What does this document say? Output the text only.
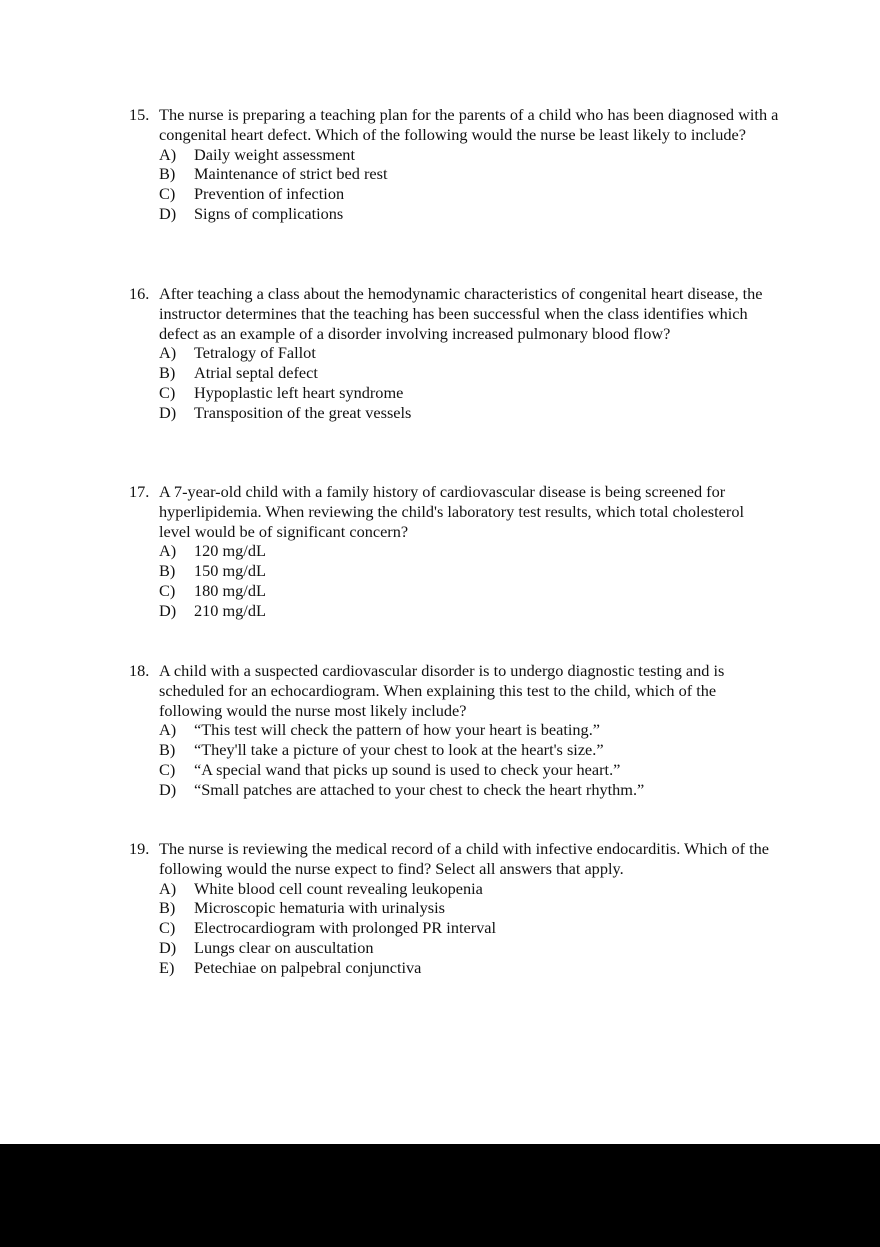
15. The nurse is preparing a teaching plan for the parents of a child who has been diagnosed with a congenital heart defect. Which of the following would the nurse be least likely to include?
A)	Daily weight assessment
B)	Maintenance of strict bed rest
C)	Prevention of infection
D)	Signs of complications
16. After teaching a class about the hemodynamic characteristics of congenital heart disease, the instructor determines that the teaching has been successful when the class identifies which defect as an example of a disorder involving increased pulmonary blood flow?
A)	Tetralogy of Fallot
B)	Atrial septal defect
C)	Hypoplastic left heart syndrome
D)	Transposition of the great vessels
17. A 7-year-old child with a family history of cardiovascular disease is being screened for hyperlipidemia. When reviewing the child's laboratory test results, which total cholesterol level would be of significant concern?
A)	120 mg/dL
B)	150 mg/dL
C)	180 mg/dL
D)	210 mg/dL
18. A child with a suspected cardiovascular disorder is to undergo diagnostic testing and is scheduled for an echocardiogram. When explaining this test to the child, which of the following would the nurse most likely include?
A)	“This test will check the pattern of how your heart is beating.”
B)	“They'll take a picture of your chest to look at the heart's size.”
C)	“A special wand that picks up sound is used to check your heart.”
D)	“Small patches are attached to your chest to check the heart rhythm.”
19. The nurse is reviewing the medical record of a child with infective endocarditis. Which of the following would the nurse expect to find? Select all answers that apply.
A)	White blood cell count revealing leukopenia
B)	Microscopic hematuria with urinalysis
C)	Electrocardiogram with prolonged PR interval
D)	Lungs clear on auscultation
E)	Petechiae on palpebral conjunctiva
